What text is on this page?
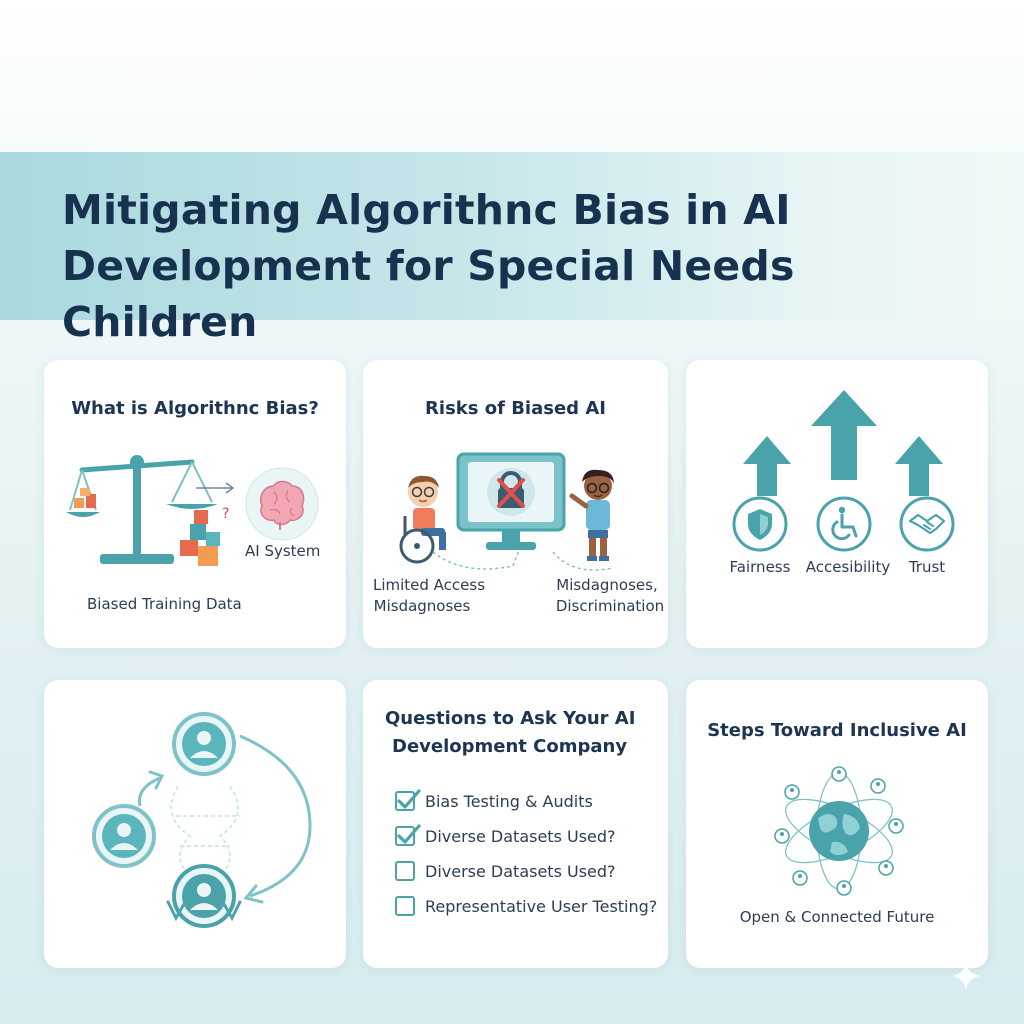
Mitigating Algorithnc Bias in AI
Development for Special Needs Children
What is Algorithnc Bias?
?
AI System
Biased Training Data
Risks of Biased AI
Limited Access
Misdagnoses
Misdagnoses,
Discrimination
Fairness	Accesibility	Trust
Questions to Ask Your AI
Development Company
Bias Testing & Audits
Diverse Datasets Used?
Diverse Datasets Used?
Representative User Testing?
Steps Toward Inclusive AI
Open & Connected Future
